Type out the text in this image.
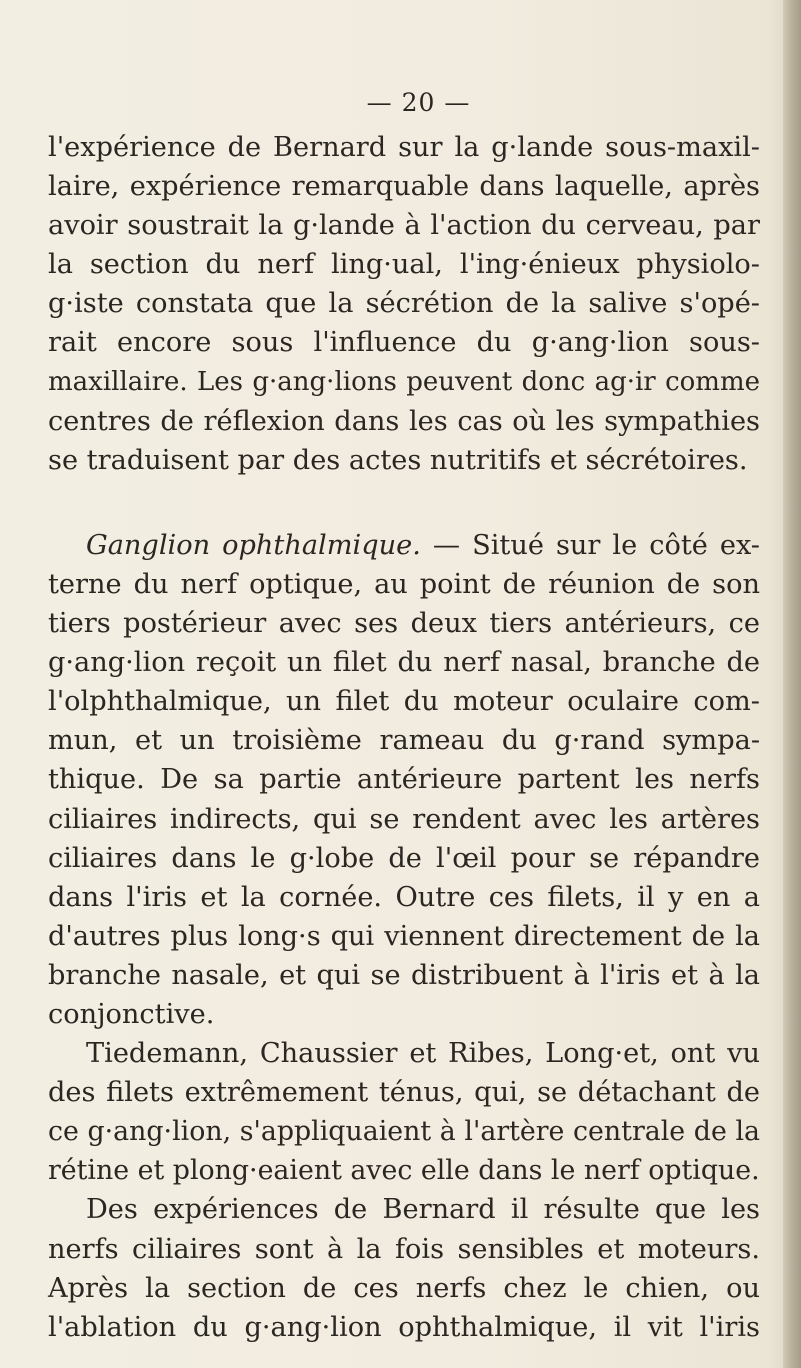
— 20 —
l'expérience de Bernard sur la g·lande sous-maxil-
laire, expérience remarquable dans laquelle, après
avoir soustrait la g·lande à l'action du cerveau, par
la section du nerf ling·ual, l'ing·énieux physiolo-
g·iste constata que la sécrétion de la salive s'opé-
rait encore sous l'influence du g·ang·lion sous-
maxillaire. Les g·ang·lions peuvent donc ag·ir comme
centres de réflexion dans les cas où les sympathies
se traduisent par des actes nutritifs et sécrétoires.
Ganglion ophthalmique. — Situé sur le côté ex-
terne du nerf optique, au point de réunion de son
tiers postérieur avec ses deux tiers antérieurs, ce
g·ang·lion reçoit un filet du nerf nasal, branche de
l'olphthalmique, un filet du moteur oculaire com-
mun, et un troisième rameau du g·rand sympa-
thique. De sa partie antérieure partent les nerfs
ciliaires indirects, qui se rendent avec les artères
ciliaires dans le g·lobe de l'œil pour se répandre
dans l'iris et la cornée. Outre ces filets, il y en a
d'autres plus long·s qui viennent directement de la
branche nasale, et qui se distribuent à l'iris et à la
conjonctive.
Tiedemann, Chaussier et Ribes, Long·et, ont vu
des filets extrêmement ténus, qui, se détachant de
ce g·ang·lion, s'appliquaient à l'artère centrale de la
rétine et plong·eaient avec elle dans le nerf optique.
Des expériences de Bernard il résulte que les
nerfs ciliaires sont à la fois sensibles et moteurs.
Après la section de ces nerfs chez le chien, ou
l'ablation du g·ang·lion ophthalmique, il vit l'iris
